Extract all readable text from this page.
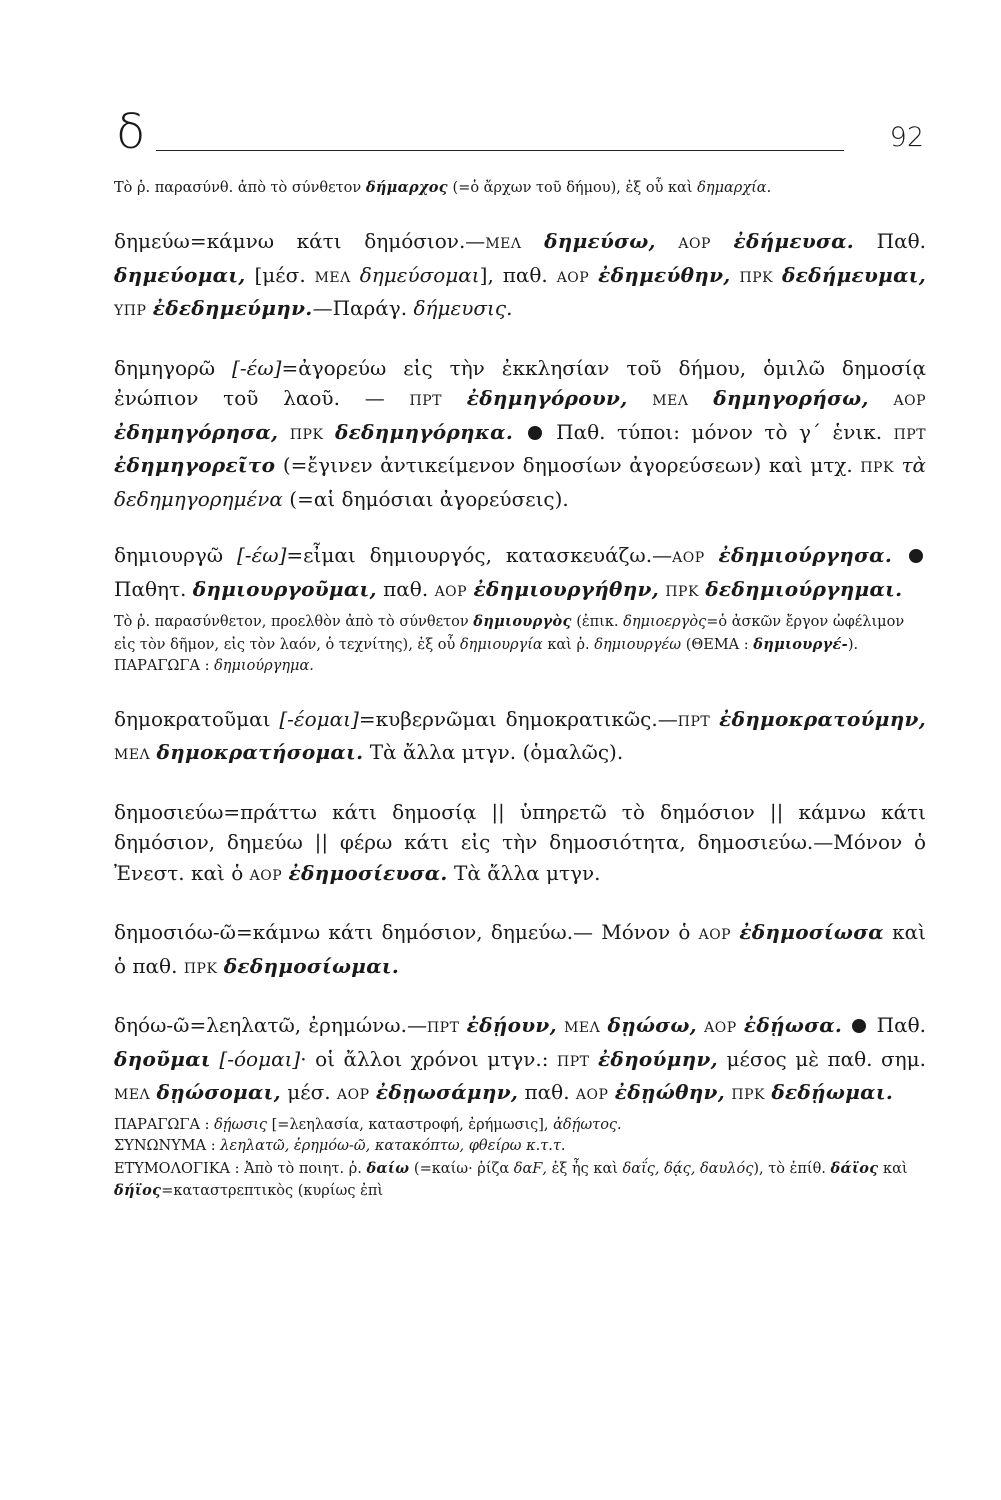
δ	92

Τὸ ῥ. παρασύνθ. ἀπὸ τὸ σύνθετον δήμαρχος (=ὁ ἄρχων τοῦ δήμου), ἐξ οὗ καὶ δημαρχία.

δημεύω=κάμνω κάτι δημόσιον.—ΜΕΛ δημεύσω, ΑΟΡ ἐδήμευσα. Παθ. δημεύομαι, [μέσ. ΜΕΛ δημεύσομαι], παθ. ΑΟΡ ἐδημεύθην, ΠΡΚ δεδήμευμαι, ΥΠΡ ἐδεδημεύμην.—Παράγ. δήμευσις.

δημηγορῶ [-έω]=ἀγορεύω εἰς τὴν ἐκκλησίαν τοῦ δήμου, ὁμιλῶ δημοσίᾳ ἐνώπιον τοῦ λαοῦ. — ΠΡΤ ἐδημηγόρουν, ΜΕΛ δημηγορήσω, ΑΟΡ ἐδημηγόρησα, ΠΡΚ δεδημηγόρηκα. Παθ. τύποι: μόνον τὸ γ΄ ἑνικ. ΠΡΤ ἐδημηγορεῖτο (=ἔγινεν ἀντικείμενον δημοσίων ἀγορεύσεων) καὶ μτχ. ΠΡΚ τὰ δεδημηγορημένα (=αἱ δημόσιαι ἀγορεύσεις).

δημιουργῶ [-έω]=εἶμαι δημιουργός, κατασκευάζω.—ΑΟΡ ἐδημιούργησα. Παθητ. δημιουργοῦμαι, παθ. ΑΟΡ ἐδημιουργήθην, ΠΡΚ δεδημιούργημαι.

Τὸ ῥ. παρασύνθετον, προελθὸν ἀπὸ τὸ σύνθετον δημιουργὸς (ἐπικ. δημιοεργὸς=ὁ ἀσκῶν ἔργον ὠφέλιμον εἰς τὸν δῆμον, εἰς τὸν λαόν, ὁ τεχνίτης), ἐξ οὗ δημιουργία καὶ ῥ. δημιουργέω (ΘΕΜΑ : δημιουργέ-).
ΠΑΡΑΓΩΓΑ : δημιούργημα.

δημοκρατοῦμαι [-έομαι]=κυβερνῶμαι δημοκρατικῶς.—ΠΡΤ ἐδημοκρατούμην, ΜΕΛ δημοκρατήσομαι. Τὰ ἄλλα μτγν. (ὁμαλῶς).

δημοσιεύω=πράττω κάτι δημοσίᾳ || ὑπηρετῶ τὸ δημόσιον || κάμνω κάτι δημόσιον, δημεύω || φέρω κάτι εἰς τὴν δημοσιότητα, δημοσιεύω.—Μόνον ὁ Ἐνεστ. καὶ ὁ ΑΟΡ ἐδημοσίευσα. Τὰ ἄλλα μτγν.

δημοσιόω-ῶ=κάμνω κάτι δημόσιον, δημεύω.— Μόνον ὁ ΑΟΡ ἐδημοσίωσα καὶ ὁ παθ. ΠΡΚ δεδημοσίωμαι.

δηόω-ῶ=λεηλατῶ, ἐρημώνω.—ΠΡΤ ἐδῄουν, ΜΕΛ δῃώσω, ΑΟΡ ἐδῄωσα. Παθ. δηοῦμαι [-όομαι]· οἱ ἄλλοι χρόνοι μτγν.: ΠΡΤ ἐδηούμην, μέσος μὲ παθ. σημ. ΜΕΛ δῃώσομαι, μέσ. ΑΟΡ ἐδῃωσάμην, παθ. ΑΟΡ ἐδῃώθην, ΠΡΚ δεδῄωμαι.

ΠΑΡΑΓΩΓΑ : δῄωσις [=λεηλασία, καταστροφή, ἐρήμωσις], ἀδῄωτος.
ΣΥΝΩΝΥΜΑ : λεηλατῶ, ἐρημόω-ῶ, κατακόπτω, φθείρω κ.τ.τ.
ΕΤΥΜΟΛΟΓΙΚΑ : Ἀπὸ τὸ ποιητ. ῥ. δαίω (=καίω· ῥίζα δαϜ, ἐξ ἧς καὶ δαΐς, δᾴς, δαυλός), τὸ ἐπίθ. δάϊος καὶ δήϊος=καταστρεπτικὸς (κυρίως ἐπὶ
